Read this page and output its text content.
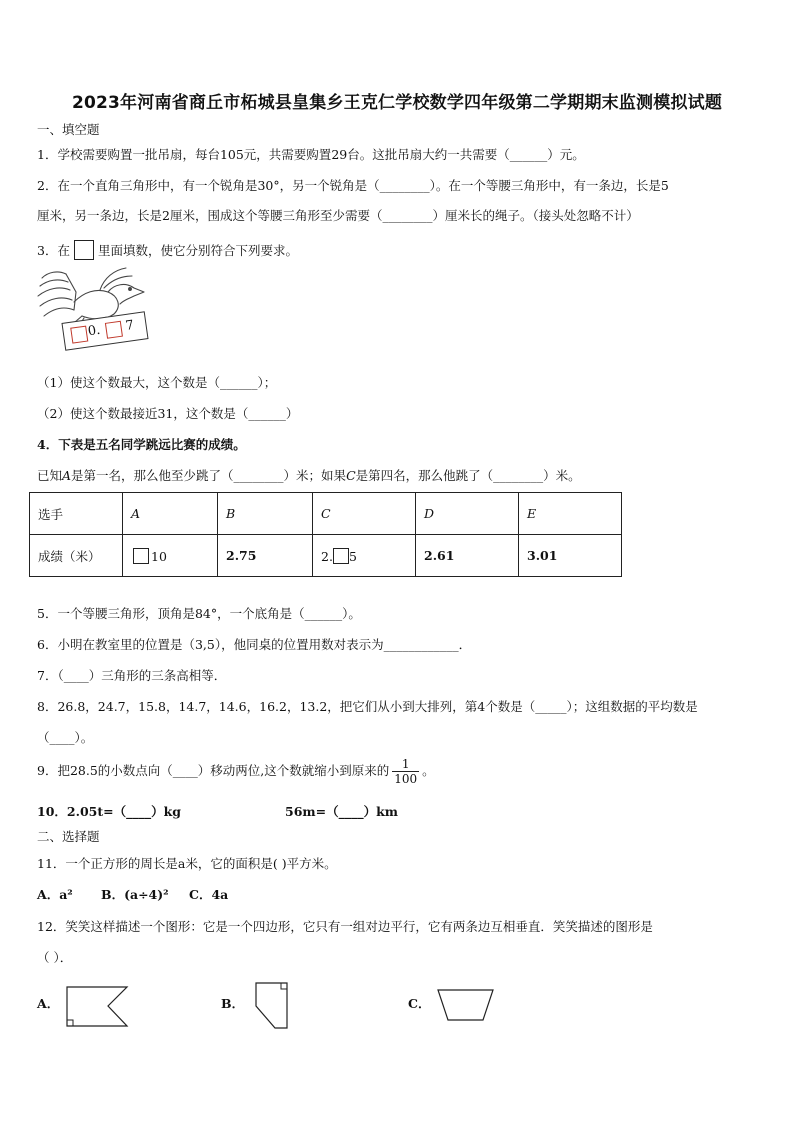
2023年河南省商丘市柘城县皇集乡王克仁学校数学四年级第二学期期末监测模拟试题
一、填空题
1．学校需要购置一批吊扇，每台105元，共需要购置29台。这批吊扇大约一共需要（______）元。
2．在一个直角三角形中，有一个锐角是30°，另一个锐角是（________）。在一个等腰三角形中，有一条边，长是5
厘米，另一条边，长是2厘米，围成这个等腰三角形至少需要（________）厘米长的绳子。（接头处忽略不计）
3．在 里面填数，使它分别符合下列要求。
0. 7
（1）使这个数最大，这个数是（______）；
（2）使这个数最接近31，这个数是（______）
4．下表是五名同学跳远比赛的成绩。
已知A是第一名，那么他至少跳了（________）米；如果C是第四名，那么他跳了（________）米。
选手	A	B	C	D	E
成绩（米）	10	2.75	2. 5	2.61	3.01
5．一个等腰三角形，顶角是84°，一个底角是（______）。
6．小明在教室里的位置是（3,5），他同桌的位置用数对表示为____________．
7．（____）三角形的三条高相等．
8．26.8，24.7，15.8，14.7，14.6，16.2，13.2，把它们从小到大排列，第4个数是（_____）；这组数据的平均数是
（____）。
9．把28.5的小数点向（____）移动两位,这个数就缩小到原来的 $\frac{1}{100}$ 。
10．2.05t=（____）kg	56m=（____）km
二、选择题
11．一个正方形的周长是a米，它的面积是( )平方米。
A．a² B．(a÷4)² C．4a
12．笑笑这样描述一个图形：它是一个四边形，它只有一组对边平行，它有两条边互相垂直．笑笑描述的图形是
（ ）．
A．	B．	C．
